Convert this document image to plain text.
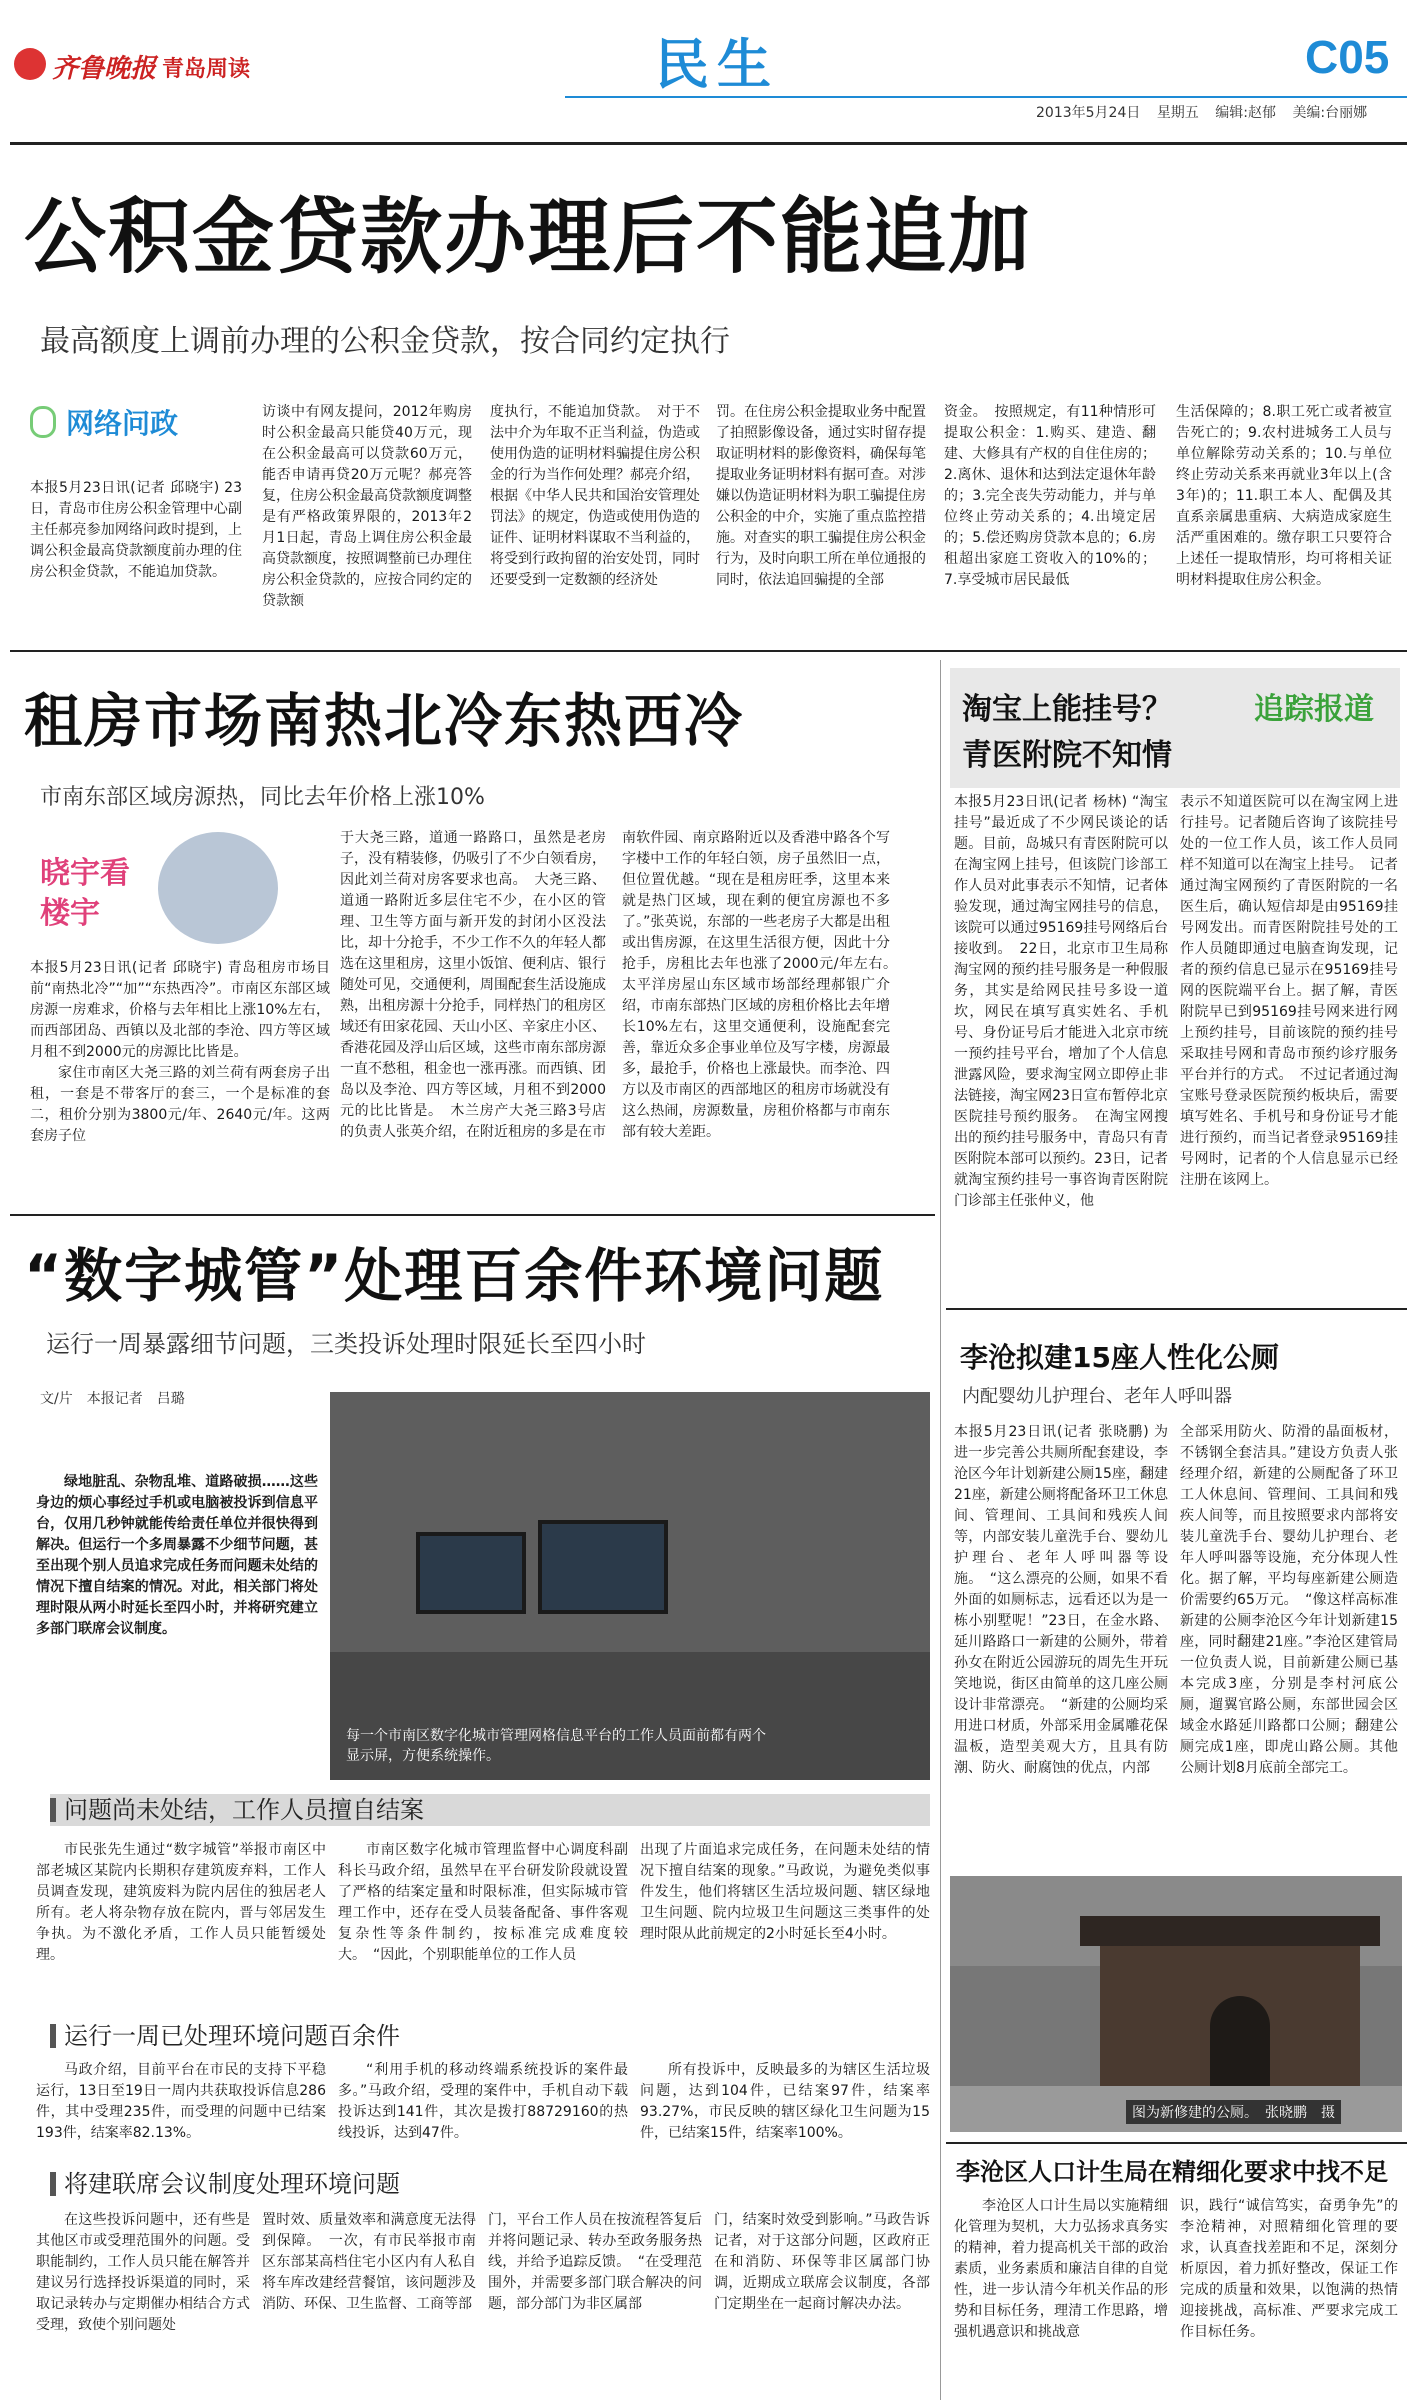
齐鲁晚报 青岛周读	民生	C05
2013年5月24日 星期五 编辑:赵郁 美编:台丽娜
公积金贷款办理后不能追加
最高额度上调前办理的公积金贷款，按合同约定执行
网络问政

本报5月23日讯(记者 邱晓宇) 23日，青岛市住房公积金管理中心副主任郝亮参加网络问政时提到，上调公积金最高贷款额度前办理的住房公积金贷款，不能追加贷款。

访谈中有网友提问，2012年购房时公积金最高只能贷40万元，现在公积金最高可以贷款60万元，能否申请再贷20万元呢？郝亮答复，住房公积金最高贷款额度调整是有严格政策界限的，2013年2月1日起，青岛上调住房公积金最高贷款额度，按照调整前已办理住房公积金贷款的，应按合同约定的贷款额

度执行，不能追加贷款。　对于不法中介为年取不正当利益，伪造或使用伪造的证明材料骗提住房公积金的行为当作何处理？郝亮介绍，根据《中华人民共和国治安管理处罚法》的规定，伪造或使用伪造的证件、证明材料谋取不当利益的，将受到行政拘留的治安处罚，同时还要受到一定数额的经济处

罚。在住房公积金提取业务中配置了拍照影像设备，通过实时留存提取证明材料的影像资料，确保每笔提取业务证明材料有据可查。对涉嫌以伪造证明材料为职工骗提住房公积金的中介，实施了重点监控措施。对查实的职工骗提住房公积金行为，及时向职工所在单位通报的同时，依法追回骗提的全部

资金。　按照规定，有11种情形可提取公积金：1.购买、建造、翻建、大修具有产权的自住住房的；2.离休、退休和达到法定退休年龄的；3.完全丧失劳动能力，并与单位终止劳动关系的；4.出境定居的；5.偿还购房贷款本息的；6.房租超出家庭工资收入的10%的；7.享受城市居民最低

生活保障的；8.职工死亡或者被宣告死亡的；9.农村进城务工人员与单位解除劳动关系的；10.与单位终止劳动关系来再就业3年以上(含3年)的；11.职工本人、配偶及其直系亲属患重病、大病造成家庭生活严重困难的。缴存职工只要符合上述任一提取情形，均可将相关证明材料提取住房公积金。

租房市场南热北冷东热西冷
市南东部区域房源热，同比去年价格上涨10%
晓宇看楼宇

本报5月23日讯(记者 邱晓宇) 青岛租房市场目前“南热北冷”“加”“东热西冷”。市南区东部区域房源一房难求，价格与去年相比上涨10%左右，而西部团岛、西镇以及北部的李沧、四方等区域月租不到2000元的房源比比皆是。

家住市南区大尧三路的刘兰荷有两套房子出租，一套是不带客厅的套三，一个是标准的套二，租价分别为3800元/年、2640元/年。这两套房子位

于大尧三路，道通一路路口，虽然是老房子，没有精装修，仍吸引了不少白领看房，因此刘兰荷对房客要求也高。　大尧三路、道通一路附近多层住宅不少，在小区的管理、卫生等方面与新开发的封闭小区没法比，却十分抢手，不少工作不久的年轻人都选在这里租房，这里小饭馆、便利店、银行随处可见，交通便利，周围配套生活设施成熟，出租房源十分抢手，同样热门的租房区域还有田家花园、天山小区、辛家庄小区、香港花园及浮山后区域，这些市南东部房源一直不愁租，租金也一涨再涨。而西镇、团岛以及李沧、四方等区域，月租不到2000元的比比皆是。　木兰房产大尧三路3号店的负责人张英介绍，在附近租房的多是在市

南软件园、南京路附近以及香港中路各个写字楼中工作的年轻白领，房子虽然旧一点，但位置优越。“现在是租房旺季，这里本来就是热门区域，现在剩的便宜房源也不多了。”张英说，东部的一些老房子大都是出租或出售房源，在这里生活很方便，因此十分抢手，房租比去年也涨了2000元/年左右。　太平洋房屋山东区域市场部经理郝银广介绍，市南东部热门区域的房租价格比去年增长10%左右，这里交通便利，设施配套完善，靠近众多企事业单位及写字楼，房源最多，最抢手，价格也上涨最快。而李沧、四方以及市南区的西部地区的租房市场就没有这么热闹，房源数量，房租价格都与市南东部有较大差距。

“数字城管”处理百余件环境问题
运行一周暴露细节问题，三类投诉处理时限延长至四小时
文/片　本报记者　吕璐

绿地脏乱、杂物乱堆、道路破损……这些身边的烦心事经过手机或电脑被投诉到信息平台，仅用几秒钟就能传给责任单位并很快得到解决。但运行一个多周暴露不少细节问题，甚至出现个别人员追求完成任务而问题未处结的情况下擅自结案的情况。对此，相关部门将处理时限从两小时延长至四小时，并将研究建立多部门联席会议制度。

每一个市南区数字化城市管理网格信息平台的工作人员面前都有两个显示屏，方便系统操作。
问题尚未处结，工作人员擅自结案

市民张先生通过“数字城管”举报市南区中部老城区某院内长期积存建筑废弃料，工作人员调查发现，建筑废料为院内居住的独居老人所有。老人将杂物存放在院内，晋与邻居发生争执。为不激化矛盾，工作人员只能暂缓处理。

市南区数字化城市管理监督中心调度科副科长马政介绍，虽然早在平台研发阶段就设置了严格的结案定量和时限标准，但实际城市管理工作中，还存在受人员装备配备、事件客观复杂性等条件制约，按标准完成难度较大。　“因此，个别职能单位的工作人员

出现了片面追求完成任务，在问题未处结的情况下擅自结案的现象。”马政说，为避免类似事件发生，他们将辖区生活垃圾问题、辖区绿地卫生问题、院内垃圾卫生问题这三类事件的处理时限从此前规定的2小时延长至4小时。

运行一周已处理环境问题百余件

马政介绍，目前平台在市民的支持下平稳运行，13日至19日一周内共获取投诉信息286件，其中受理235件，而受理的问题中已结案193件，结案率82.13%。

“利用手机的移动终端系统投诉的案件最多。”马政介绍，受理的案件中，手机自动下载投诉达到141件，其次是拨打88729160的热线投诉，达到47件。

所有投诉中，反映最多的为辖区生活垃圾问题，达到104件，已结案97件，结案率93.27%，市民反映的辖区绿化卫生问题为15件，已结案15件，结案率100%。

将建联席会议制度处理环境问题

在这些投诉问题中，还有些是其他区市或受理范围外的问题。受职能制约，工作人员只能在解答并建议另行选择投诉渠道的同时，采取记录转办与定期催办相结合方式受理，致使个别问题处

置时效、质量效率和满意度无法得到保障。　一次，有市民举报市南区东部某高档住宅小区内有人私自将车库改建经营餐馆，该问题涉及消防、环保、卫生监督、工商等部

门，平台工作人员在按流程答复后并将问题记录、转办至政务服务热线，并给予追踪反馈。　“在受理范围外，并需要多部门联合解决的问题，部分部门为非区属部

门，结案时效受到影响。”马政告诉记者，对于这部分问题，区政府正在和消防、环保等非区属部门协调，近期成立联席会议制度，各部门定期坐在一起商讨解决办法。

淘宝上能挂号？
青医附院不知情
追踪报道

本报5月23日讯(记者 杨林) “淘宝挂号”最近成了不少网民谈论的话题。目前，岛城只有青医附院可以在淘宝网上挂号，但该院门诊部工作人员对此事表示不知情，记者体验发现，通过淘宝网挂号的信息，该院可以通过95169挂号网络后台接收到。　22日，北京市卫生局称淘宝网的预约挂号服务是一种假服务，其实是给网民挂号多设一道坎，网民在填写真实姓名、手机号、身份证号后才能进入北京市统一预约挂号平台，增加了个人信息泄露风险，要求淘宝网立即停止非法链接，淘宝网23日宣布暂停北京医院挂号预约服务。　在淘宝网搜出的预约挂号服务中，青岛只有青医附院本部可以预约。23日，记者就淘宝预约挂号一事咨询青医附院门诊部主任张仲义，他

表示不知道医院可以在淘宝网上进行挂号。记者随后咨询了该院挂号处的一位工作人员，该工作人员同样不知道可以在淘宝上挂号。　记者通过淘宝网预约了青医附院的一名医生后，确认短信却是由95169挂号网发出。而青医附院挂号处的工作人员随即通过电脑查询发现，记者的预约信息已显示在95169挂号网的医院端平台上。据了解，青医附院早已到95169挂号网来进行网上预约挂号，目前该院的预约挂号采取挂号网和青岛市预约诊疗服务平台并行的方式。　不过记者通过淘宝账号登录医院预约板块后，需要填写姓名、手机号和身份证号才能进行预约，而当记者登录95169挂号网时，记者的个人信息显示已经注册在该网上。

李沧拟建15座人性化公厕
内配婴幼儿护理台、老年人呼叫器

本报5月23日讯(记者 张晓鹏) 为进一步完善公共厕所配套建设，李沧区今年计划新建公厕15座，翻建21座，新建公厕将配备环卫工休息间、管理间、工具间和残疾人间等，内部安装儿童洗手台、婴幼儿护理台、老年人呼叫器等设施。　“这么漂亮的公厕，如果不看外面的如厕标志，远看还以为是一栋小别墅呢！”23日，在金水路、延川路路口一新建的公厕外，带着孙女在附近公园游玩的周先生开玩笑地说，街区由简单的这几座公厕设计非常漂亮。　“新建的公厕均采用进口材质，外部采用金属雕花保温板，造型美观大方，且具有防潮、防火、耐腐蚀的优点，内部

全部采用防火、防滑的晶面板材，不锈钢全套洁具。”建设方负责人张经理介绍，新建的公厕配备了环卫工人休息间、管理间、工具间和残疾人间等，而且按照要求内部将安装儿童洗手台、婴幼儿护理台、老年人呼叫器等设施，充分体现人性化。据了解，平均每座新建公厕造价需要约65万元。　“像这样高标准新建的公厕李沧区今年计划新建15座，同时翻建21座。”李沧区建管局一位负责人说，目前新建公厕已基本完成3座，分别是李村河底公厕，遛翼官路公厕，东部世园会区域金水路延川路都口公厕；翻建公厕完成1座，即虎山路公厕。其他公厕计划8月底前全部完工。

图为新修建的公厕。　张晓鹏　摄
李沧区人口计生局在精细化要求中找不足

李沧区人口计生局以实施精细化管理为契机，大力弘扬求真务实的精神，着力提高机关干部的政治素质，业务素质和廉洁自律的自觉性，进一步认清今年机关作品的形势和目标任务，理清工作思路，增强机遇意识和挑战意

识，践行“诚信笃实，奋勇争先”的李沧精神，对照精细化管理的要求，认真查找差距和不足，深刻分析原因，着力抓好整改，保证工作完成的质量和效果，以饱满的热情迎接挑战，高标准、严要求完成工作目标任务。
